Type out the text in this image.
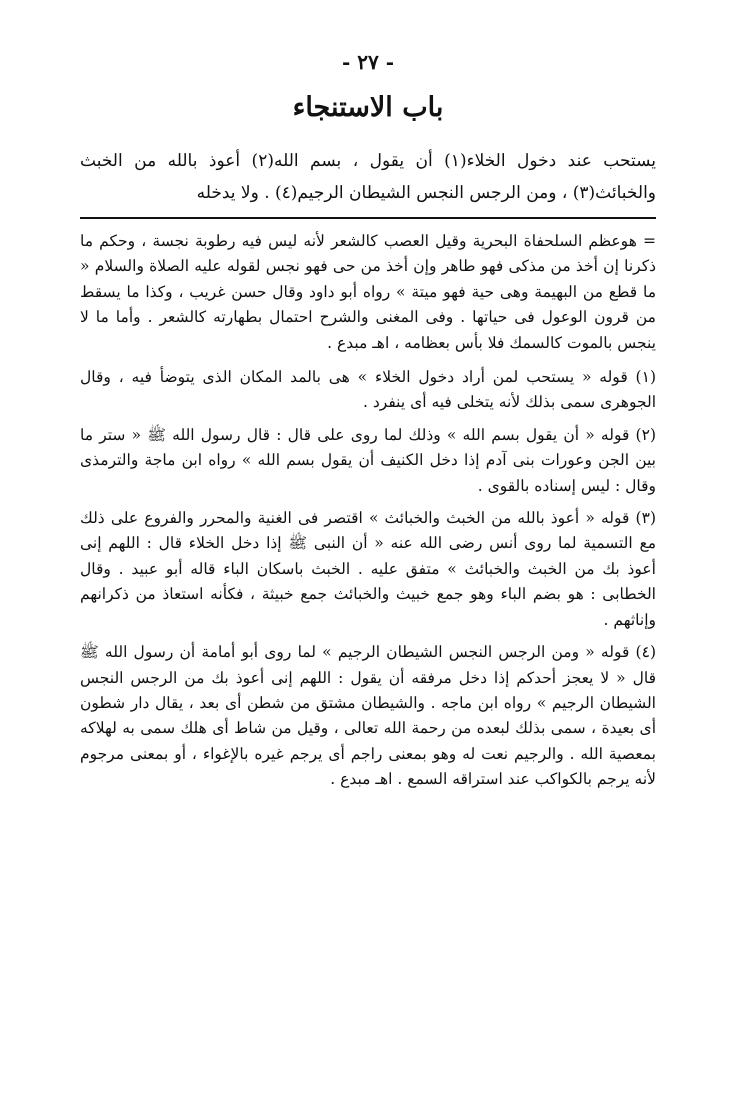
- ٢٧ -
باب الاستنجاء

يستحب عند دخول الخلاء(١) أن يقول ، بسم الله(٢) أعوذ بالله من الخبث والخبائث(٣) ، ومن الرجس النجس الشيطان الرجيم(٤) . ولا يدخله

= هوعظم السلحفاة البحرية وقيل العصب كالشعر لأنه ليس فيه رطوبة نجسة ، وحكم ما ذكرنا إن أخذ من مذكى فهو طاهر وإن أخذ من حى فهو نجس لقوله عليه الصلاة والسلام « ما قطع من البهيمة وهى حية فهو ميتة » رواه أبو داود وقال حسن غريب ، وكذا ما يسقط من قرون الوعول فى حياتها . وفى المغنى والشرح احتمال بطهارته كالشعر . وأما ما لا ينجس بالموت كالسمك فلا بأس بعظامه ، اهـ مبدع .

(١) قوله « يستحب لمن أراد دخول الخلاء » هى بالمد المكان الذى يتوضأ فيه ، وقال الجوهرى سمى بذلك لأنه يتخلى فيه أى ينفرد .

(٢) قوله « أن يقول بسم الله » وذلك لما روى على قال : قال رسول الله ﷺ « ستر ما بين الجن وعورات بنى آدم إذا دخل الكنيف أن يقول بسم الله » رواه ابن ماجة والترمذى وقال : ليس إسناده بالقوى .

(٣) قوله « أعوذ بالله من الخبث والخبائث » اقتصر فى الغنية والمحرر والفروع على ذلك مع التسمية لما روى أنس رضى الله عنه « أن النبى ﷺ إذا دخل الخلاء قال : اللهم إنى أعوذ بك من الخبث والخبائث » متفق عليه . الخبث باسكان الباء قاله أبو عبيد . وقال الخطابى : هو بضم الباء وهو جمع خبيث والخبائث جمع خبيثة ، فكأنه استعاذ من ذكرانهم وإناثهم .

(٤) قوله « ومن الرجس النجس الشيطان الرجيم » لما روى أبو أمامة أن رسول الله ﷺ قال « لا يعجز أحدكم إذا دخل مرفقه أن يقول : اللهم إنى أعوذ بك من الرجس النجس الشيطان الرجيم » رواه ابن ماجه . والشيطان مشتق من شطن أى بعد ، يقال دار شطون أى بعيدة ، سمى بذلك لبعده من رحمة الله تعالى ، وقيل من شاط أى هلك سمى به لهلاكه بمعصية الله . والرجيم نعت له وهو بمعنى راجم أى يرجم غيره بالإغواء ، أو بمعنى مرجوم لأنه يرجم بالكواكب عند استراقه السمع . اهـ مبدع .
